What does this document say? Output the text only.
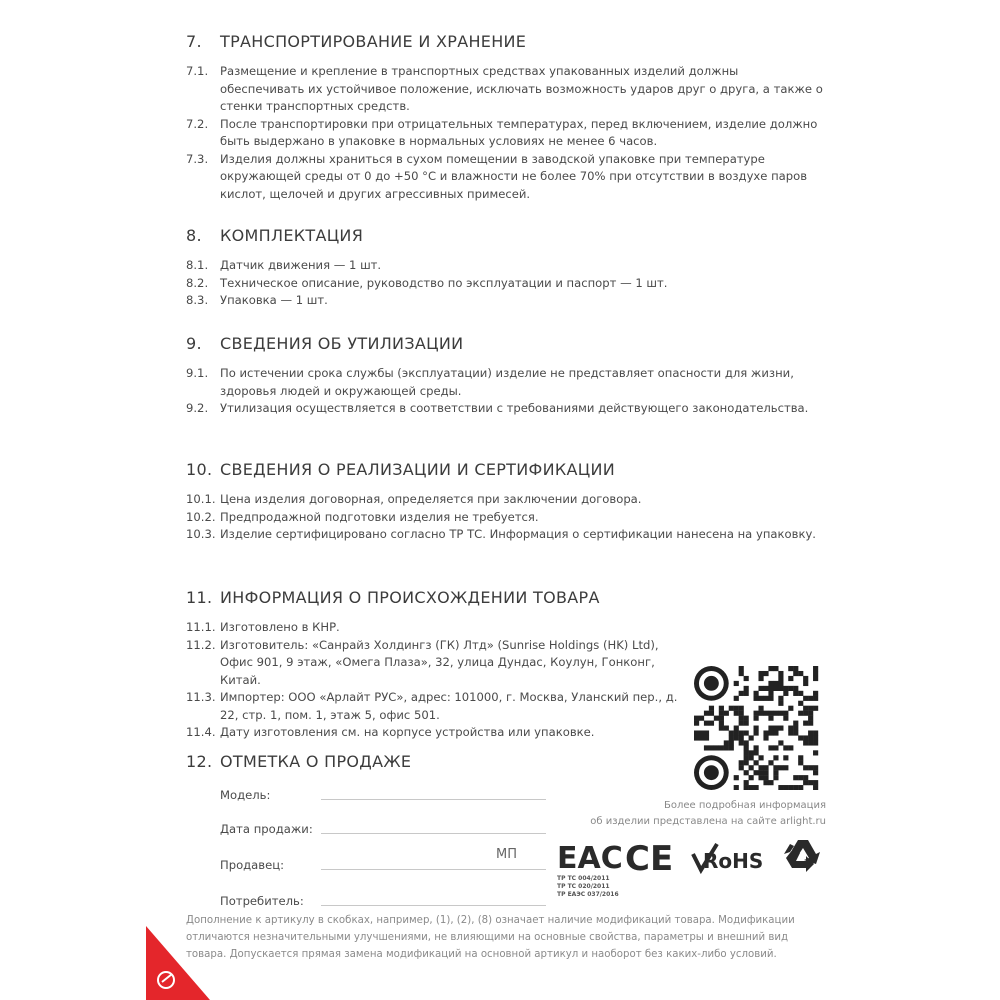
7.	ТРАНСПОРТИРОВАНИЕ И ХРАНЕНИЕ
7.1.	Размещение и крепление в транспортных средствах упакованных изделий должны обеспечивать их устойчивое положение, исключать возможность ударов друг о друга, а также о стенки транспортных средств.
7.2.	После транспортировки при отрицательных температурах, перед включением, изделие должно быть выдержано в упаковке в нормальных условиях не менее 6 часов.
7.3.	Изделия должны храниться в сухом помещении в заводской упаковке при температуре окружающей среды от 0 до +50 °C и влажности не более 70% при отсутствии в воздухе паров кислот, щелочей и других агрессивных примесей.
8.	КОМПЛЕКТАЦИЯ
8.1.	Датчик движения — 1 шт.
8.2.	Техническое описание, руководство по эксплуатации и паспорт — 1 шт.
8.3.	Упаковка — 1 шт.
9.	СВЕДЕНИЯ ОБ УТИЛИЗАЦИИ
9.1.	По истечении срока службы (эксплуатации) изделие не представляет опасности для жизни, здоровья людей и окружающей среды.
9.2.	Утилизация осуществляется в соответствии с требованиями действующего законодательства.
10. СВЕДЕНИЯ О РЕАЛИЗАЦИИ И СЕРТИФИКАЦИИ
10.1. Цена изделия договорная, определяется при заключении договора.
10.2. Предпродажной подготовки изделия не требуется.
10.3. Изделие сертифицировано согласно ТР ТС. Информация о сертификации нанесена на упаковку.
11. ИНФОРМАЦИЯ О ПРОИСХОЖДЕНИИ ТОВАРА
11.1. Изготовлено в КНР.
11.2. Изготовитель: «Санрайз Холдингз (ГК) Лтд» (Sunrise Holdings (HK) Ltd), Офис 901, 9 этаж, «Омега Плаза», 32, улица Дундас, Коулун, Гонконг, Китай.
11.3. Импортер: ООО «Арлайт РУС», адрес: 101000, г. Москва, Уланский пер., д. 22, стр. 1, пом. 1, этаж 5, офис 501.
11.4. Дату изготовления см. на корпусе устройства или упаковке.
12. ОТМЕТКА О ПРОДАЖЕ
Модель:
Дата продажи:
Продавец:
МП
Потребитель:
Более подробная информация
об изделии представлена на сайте arlight.ru
EAC CE RoHS
ТР ТС 004/2011
ТР ТС 020/2011
ТР ЕАЭС 037/2016
Дополнение к артикулу в скобках, например, (1), (2), (8) означает наличие модификаций товара. Модификации отличаются незначительными улучшениями, не влияющими на основные свойства, параметры и внешний вид товара. Допускается прямая замена модификаций на основной артикул и наоборот без каких-либо условий.
